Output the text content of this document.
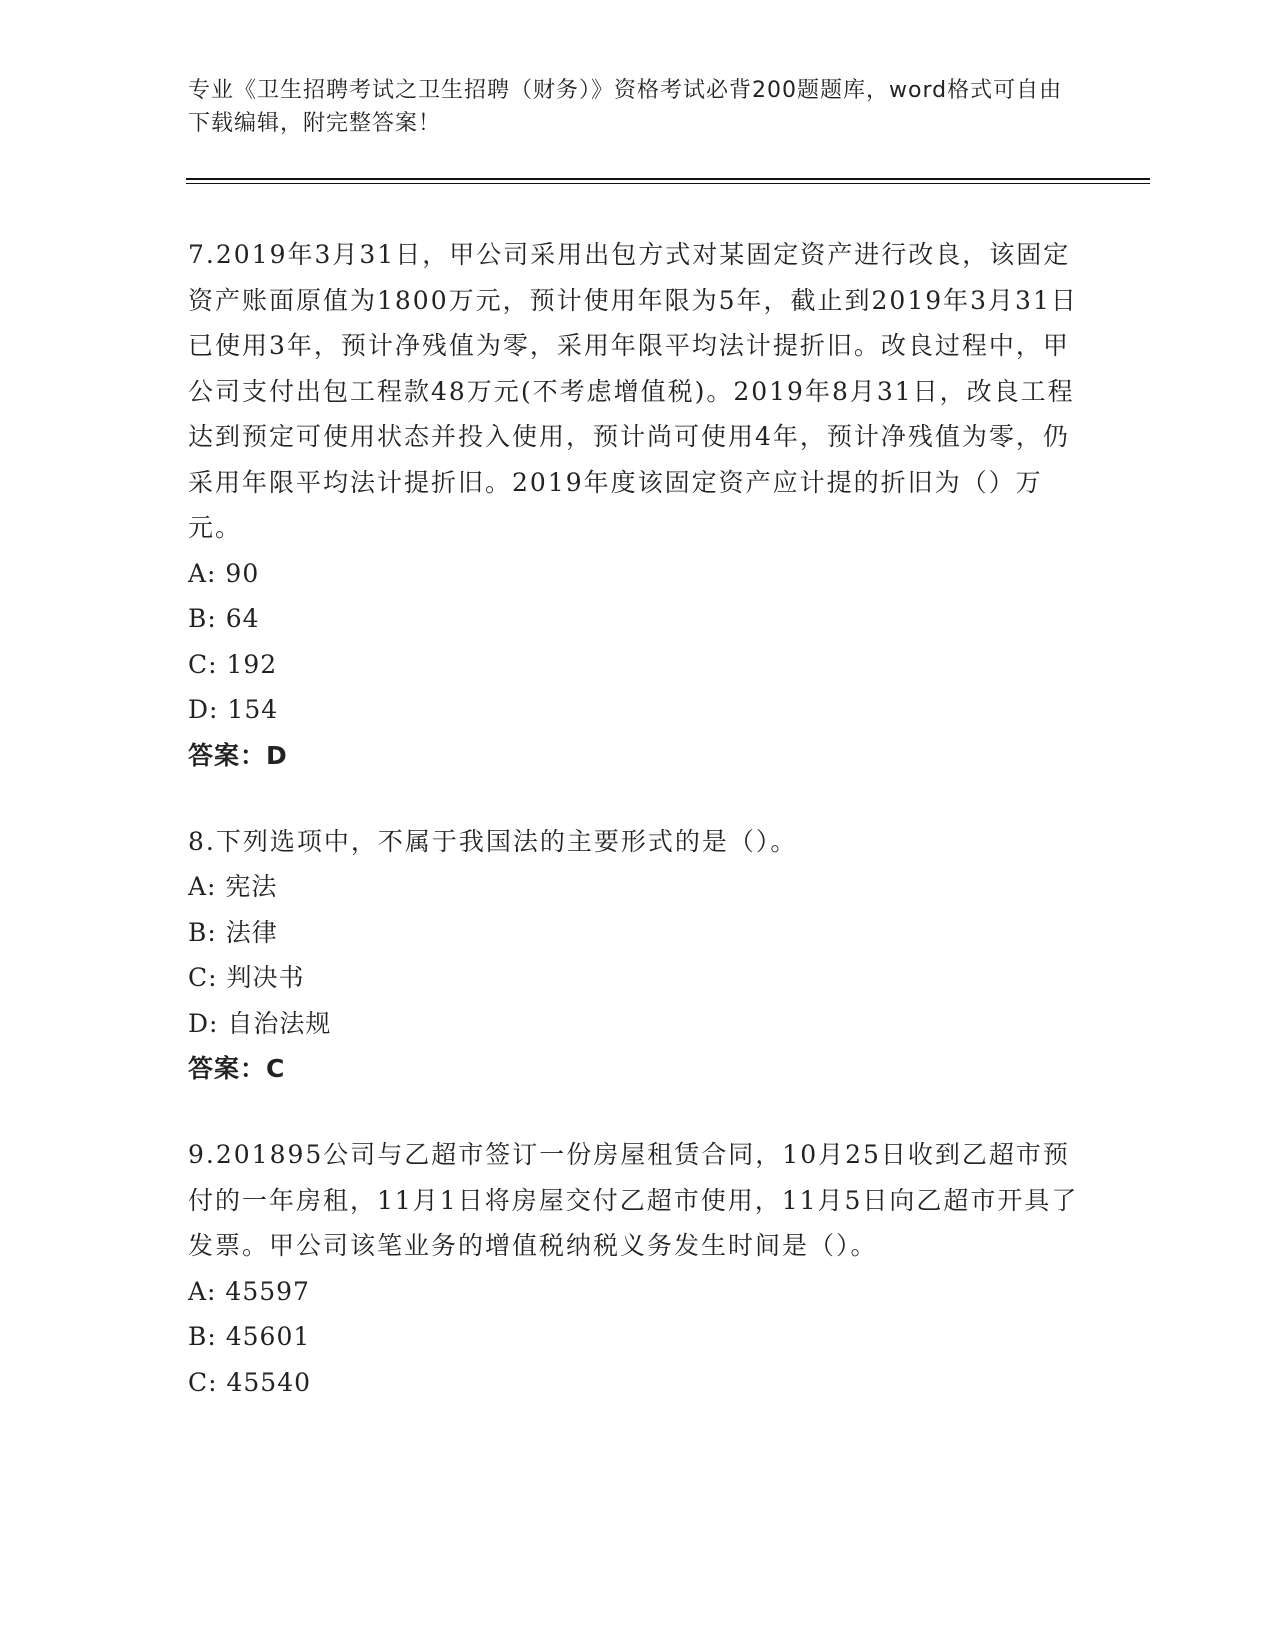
专业《卫生招聘考试之卫生招聘（财务）》资格考试必背200题题库，word格式可自由下载编辑，附完整答案！

7.2019年3月31日，甲公司采用出包方式对某固定资产进行改良，该固定资产账面原值为1800万元，预计使用年限为5年，截止到2019年3月31日已使用3年，预计净残值为零，采用年限平均法计提折旧。改良过程中，甲公司支付出包工程款48万元(不考虑增值税)。2019年8月31日，改良工程达到预定可使用状态并投入使用，预计尚可使用4年，预计净残值为零，仍采用年限平均法计提折旧。2019年度该固定资产应计提的折旧为（）万元。

A: 90

B: 64

C: 192

D: 154

答案：D

8.下列选项中，不属于我国法的主要形式的是（）。

A: 宪法

B: 法律

C: 判决书

D: 自治法规

答案：C

9.201895公司与乙超市签订一份房屋租赁合同，10月25日收到乙超市预付的一年房租，11月1日将房屋交付乙超市使用，11月5日向乙超市开具了发票。甲公司该笔业务的增值税纳税义务发生时间是（）。

A: 45597

B: 45601

C: 45540
